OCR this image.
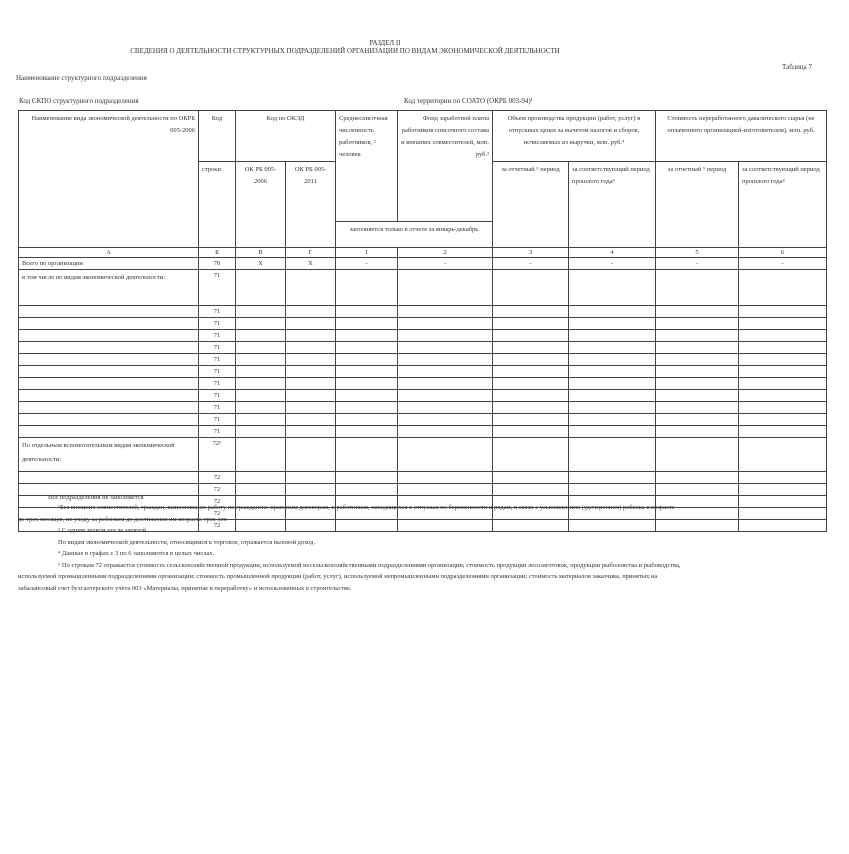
РАЗДЕЛ II
СВЕДЕНИЯ О ДЕЯТЕЛЬНОСТИ СТРУКТУРНЫХ ПОДРАЗДЕЛЕНИЙ ОРГАНИЗАЦИИ ПО ВИДАМ ЭКОНОМИЧЕСКОЙ ДЕЯТЕЛЬНОСТИ
Таблица 7
Наименование структурного подразделения
Код СКПО структурного подразделения	Код территории по СОАТО (ОКРБ 003-94)¹
Наименование вида экономической деятельности по ОКРБ 005-2006	Код	Код по ОКЭД		Среднесписочная численность работников, ² человек	Фонд заработной платы работников списочного состава и внешних совместителей, млн. руб.³	Объем производства продукции (работ, услуг) в отпускных ценах за вычетом налогов и сборов, исчисляемых из выручки, млн. руб.⁴		Стоимость переработанного давальческого сырья (не оплаченного организацией-изготовителем), млн. руб.	
	строки	ОК РБ 005-2006	ОК РБ 005-2011			за отчетный ⁵ период	за соответствующий период прошлого года⁵	за отчетный ⁵ период	за соответствующий период прошлого года⁵
				заполняется только в отчете за январь-декабрь					
А	Б	В	Г	1	2	3	4	5	6
Всего по организации	70	X	X	-	-	-	-	-	-
в том числе по видам экономической деятельности:	71								
	71								
	71								
	71								
	71								
	71								
	71								
	71								
	71								
	71								
	71								
	71								
По отдельным вспомогательным видам экономической деятельности:	72⁶								
	72								
	72								
	72								
	72								
	72								

¹Без внешних совместителей, граждан, выполнявших работу по гражданско-правовым договорам, и работников, находящихся в отпусках по беременности и родам, в связи с усыновлением (удочерением) ребенка в возрасте

до трех месяцев, по уходу за ребенком до достижения им возраста трех лет.

² С одним знаком после запятой.

По видам экономической деятельности, относящимся к торговле, отражается валовой доход.

⁴ Данные в графах с 3 по 6 заполняются в целых числах.

⁶ По строкам 72 отражается стоимость сельскохозяйственной продукции, используемой несельскохозяйственными подразделениями организации; стоимость продукции лесозаготовок, продукции рыболовства и рыбоводства,

используемой промышленными подразделениями организации; стоимость промышленной продукции (работ, услуг), используемой непромышленными подразделениями организации; стоимость материалов заказчика, принятых на

забалансовый счет бухгалтерского учета 003 «Материалы, принятые в переработку» и использованных в строительстве.

Все подразделения не заполняется
